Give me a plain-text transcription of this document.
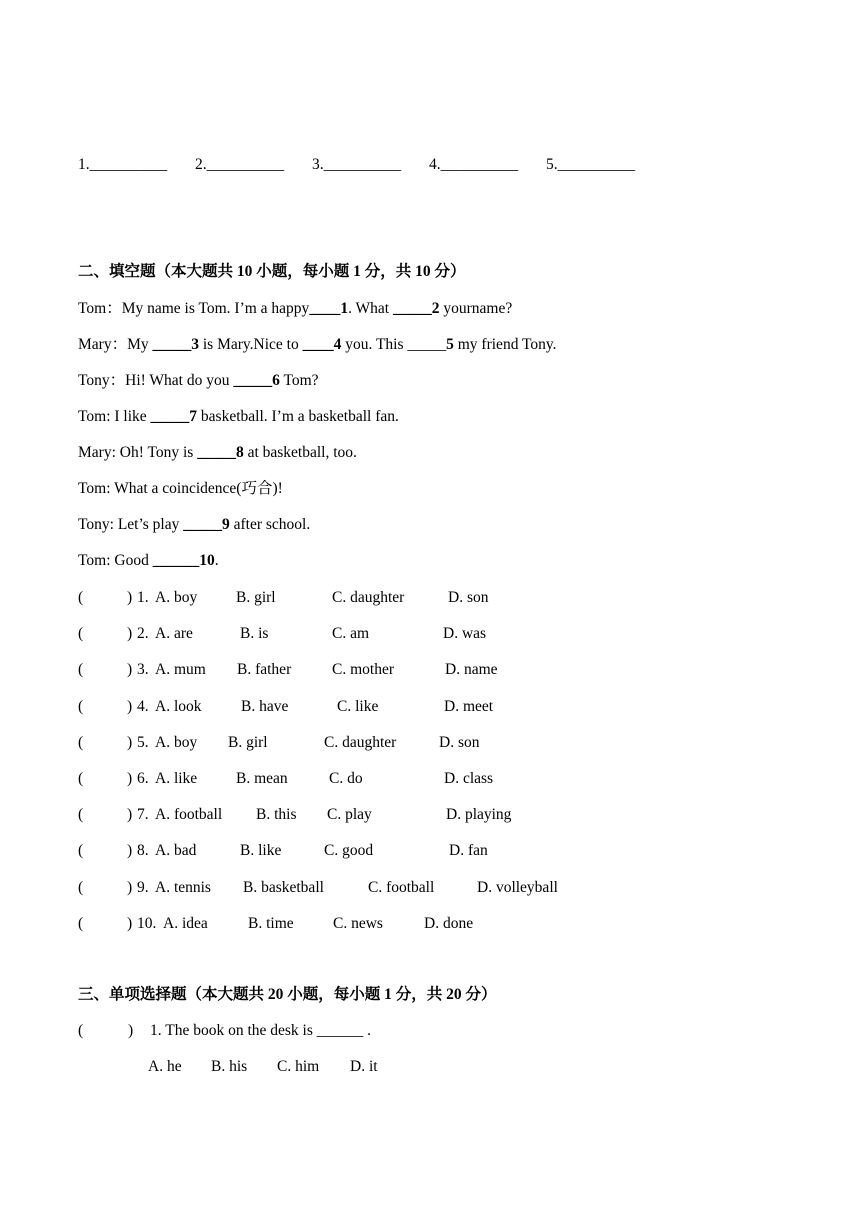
1.__________ 2.__________ 3.__________ 4.__________ 5.__________
二、填空题（本大题共 10 小题，每小题 1 分，共 10 分）
Tom：My name is Tom. I’m a happy____1. What _____2 yourname?
Mary：My _____3 is Mary.Nice to ____4 you. This _____5 my friend Tony.
Tony：Hi! What do you _____6 Tom?
Tom: I like _____7 basketball. I’m a basketball fan.
Mary: Oh! Tony is _____8 at basketball, too.
Tom: What a coincidence(巧合)!
Tony: Let’s play _____9 after school.
Tom: Good ______10.
(	) 1. A. boy	B. girl	C. daughter	D. son
(	) 2. A. are	B. is	C. am	D. was
(	) 3. A. mum B. father	C. mother	D. name
(	) 4. A. look	B. have	C. like	D. meet
(	) 5. A. boy B. girl	C. daughter	D. son
(	) 6. A. like	B. mean	C. do	D. class
(	) 7. A. football B. this C. play	D. playing
(	) 8. A. bad	B. like	C. good	D. fan
(	) 9. A. tennis B. basketball	C. football	D. volleyball
(	) 10. A. idea	B. time	C. news	D. done
三、单项选择题（本大题共 20 小题，每小题 1 分，共 20 分）
(	) 1. The book on the desk is ______ .
A. he B. his C. him D. it
